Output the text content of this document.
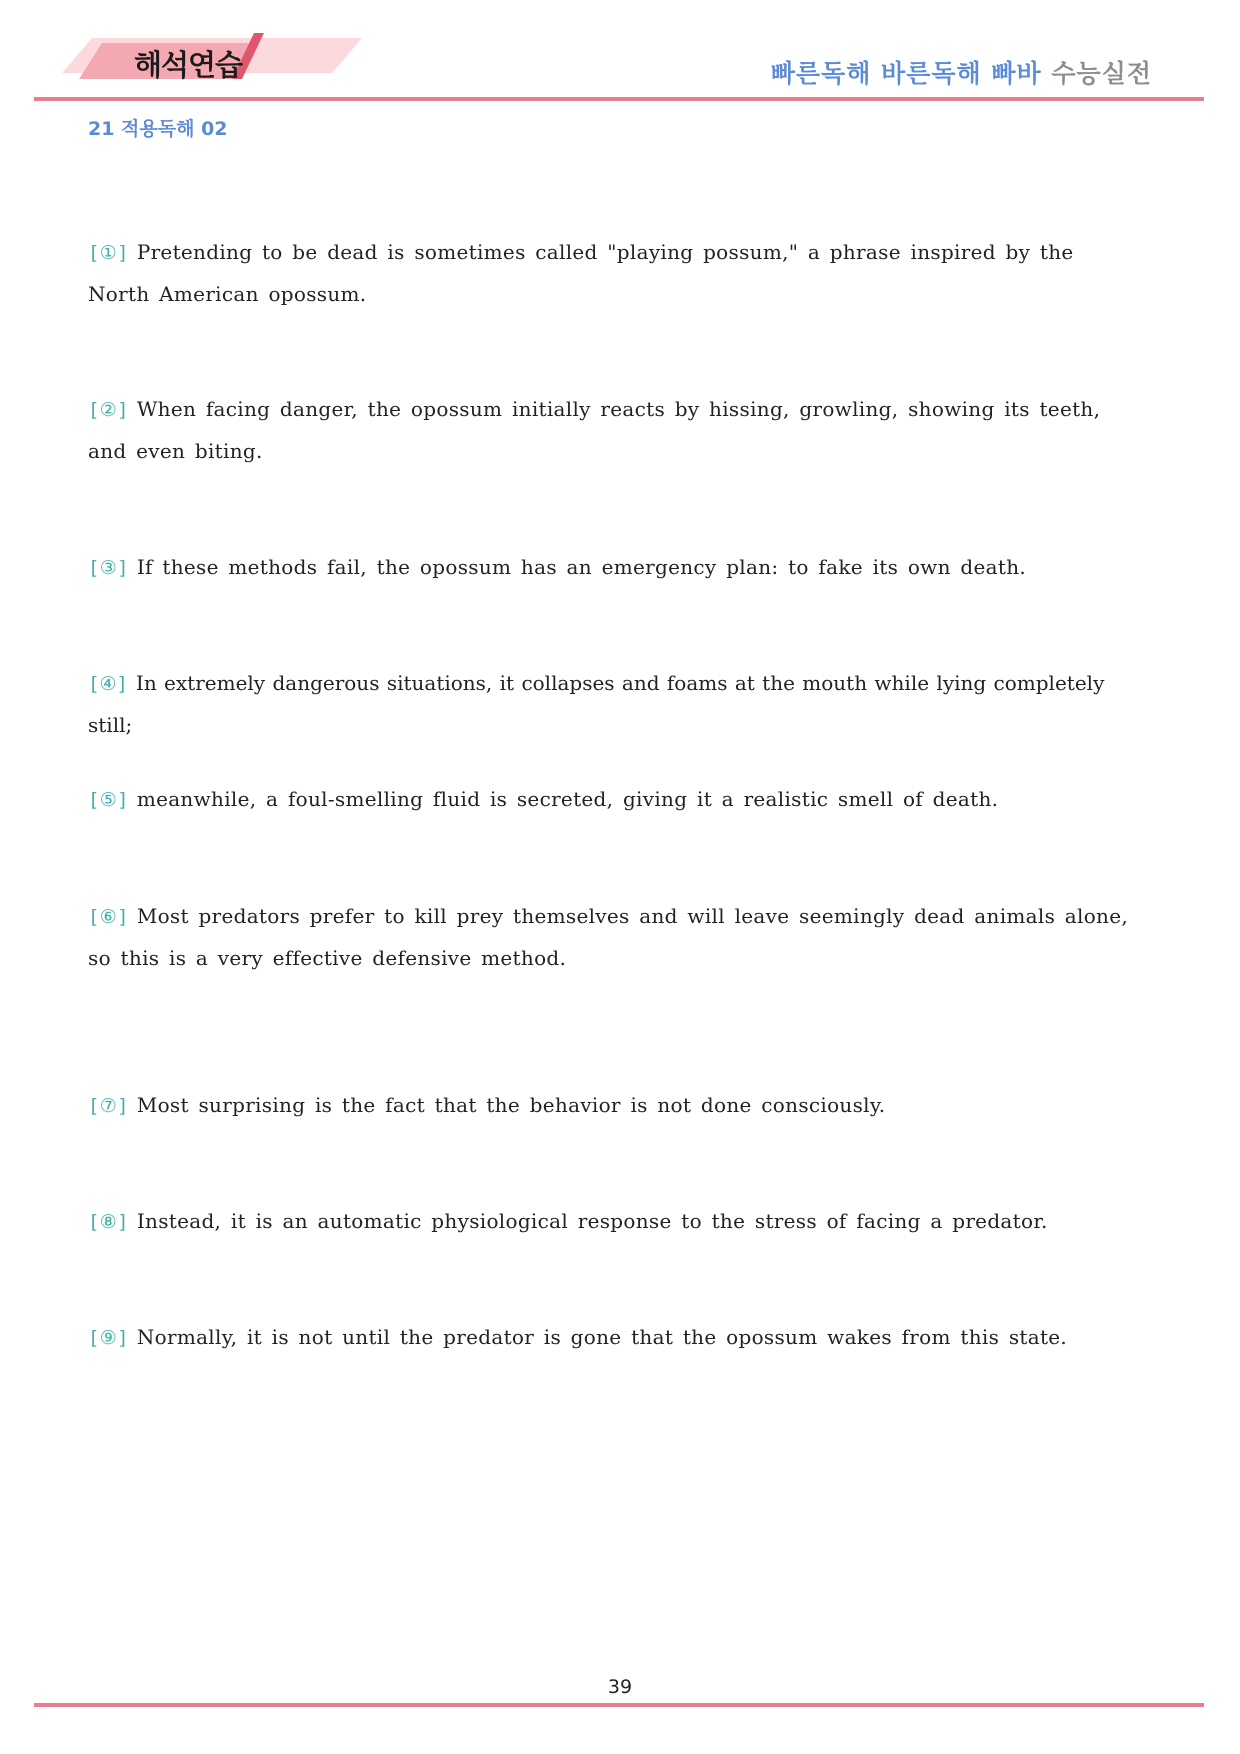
해석연습	빠른독해 바른독해 빠바 수능실전
21 적용독해 02
[①] Pretending to be dead is sometimes called "playing possum," a phrase inspired by the North American opossum.
[②] When facing danger, the opossum initially reacts by hissing, growling, showing its teeth, and even biting.
[③] If these methods fail, the opossum has an emergency plan: to fake its own death.
[④] In extremely dangerous situations, it collapses and foams at the mouth while lying completely still;
[⑤] meanwhile, a foul-smelling fluid is secreted, giving it a realistic smell of death.
[⑥] Most predators prefer to kill prey themselves and will leave seemingly dead animals alone, so this is a very effective defensive method.
[⑦] Most surprising is the fact that the behavior is not done consciously.
[⑧] Instead, it is an automatic physiological response to the stress of facing a predator.
[⑨] Normally, it is not until the predator is gone that the opossum wakes from this state.
39
